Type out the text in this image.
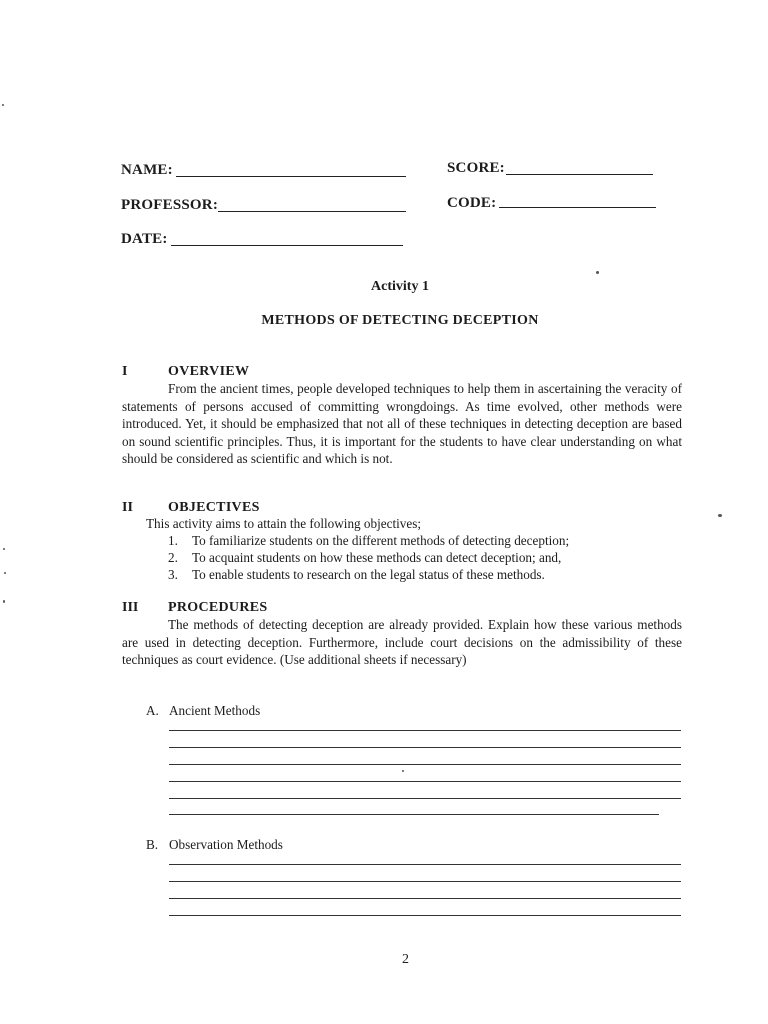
NAME:	SCORE:
PROFESSOR:	CODE:
DATE:
Activity 1
METHODS OF DETECTING DECEPTION
I	OVERVIEW
From the ancient times, people developed techniques to help them in ascertaining the veracity of statements of persons accused of committing wrongdoings. As time evolved, other methods were introduced. Yet, it should be emphasized that not all of these techniques in detecting deception are based on sound scientific principles. Thus, it is important for the students to have clear understanding on what should be considered as scientific and which is not.
II	OBJECTIVES
This activity aims to attain the following objectives;
1. To familiarize students on the different methods of detecting deception;
2. To acquaint students on how these methods can detect deception; and,
3. To enable students to research on the legal status of these methods.
III PROCEDURES
The methods of detecting deception are already provided. Explain how these various methods are used in detecting deception. Furthermore, include court decisions on the admissibility of these techniques as court evidence. (Use additional sheets if necessary)
A. Ancient Methods
B. Observation Methods
2
